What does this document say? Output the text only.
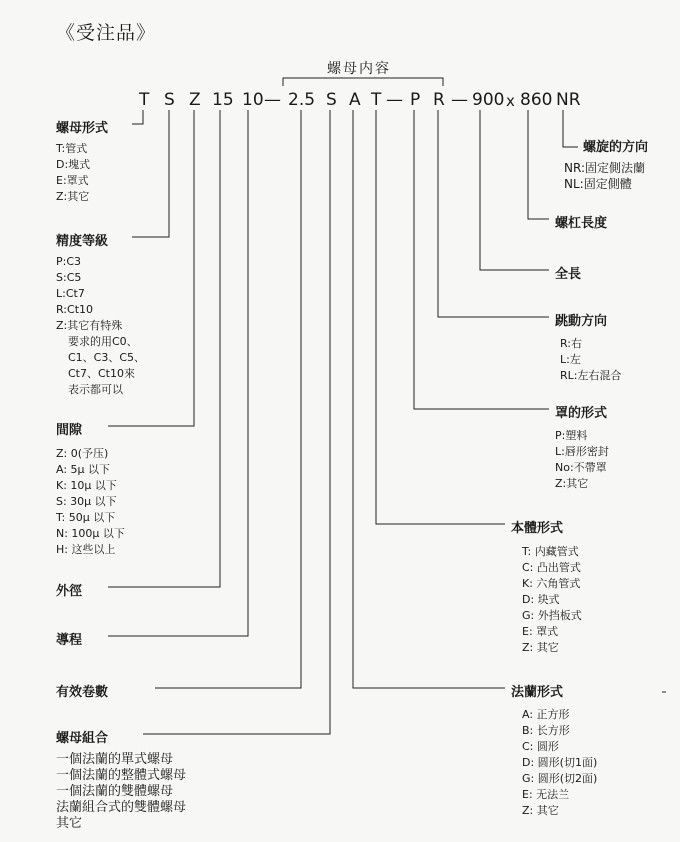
《受注品》
螺母内容
T S Z 15 10 — 2.5 S A T — P R — 900 x 860 NR
螺母形式
T:管式
D:塊式
E:罩式
Z:其它
精度等級
P:C3
S:C5
L:Ct7
R:Ct10
Z:其它有特殊
要求的用C0、
C1、C3、C5、
Ct7、Ct10來
表示都可以
間隙
Z: 0(予压)
A: 5μ 以下
K: 10μ 以下
S: 30μ 以下
T: 50μ 以下
N: 100μ 以下
H: 这些以上
外徑
導程
有效卷數
螺母組合
一個法蘭的單式螺母
一個法蘭的整體式螺母
一個法蘭的雙體螺母
法蘭組合式的雙體螺母
其它
螺旋的方向
NR:固定側法蘭
NL:固定側體
螺杠長度
全長
跳動方向
R:右
L:左
RL:左右混合
罩的形式
P:塑料
L:唇形密封
No:不帶罩
Z:其它
本體形式
T: 内藏管式
C: 凸出管式
K: 六角管式
D: 块式
G: 外挡板式
E: 罩式
Z: 其它
法蘭形式
A: 正方形
B: 长方形
C: 圆形
D: 圆形(切1面)
G: 圆形(切2面)
E: 无法兰
Z: 其它
